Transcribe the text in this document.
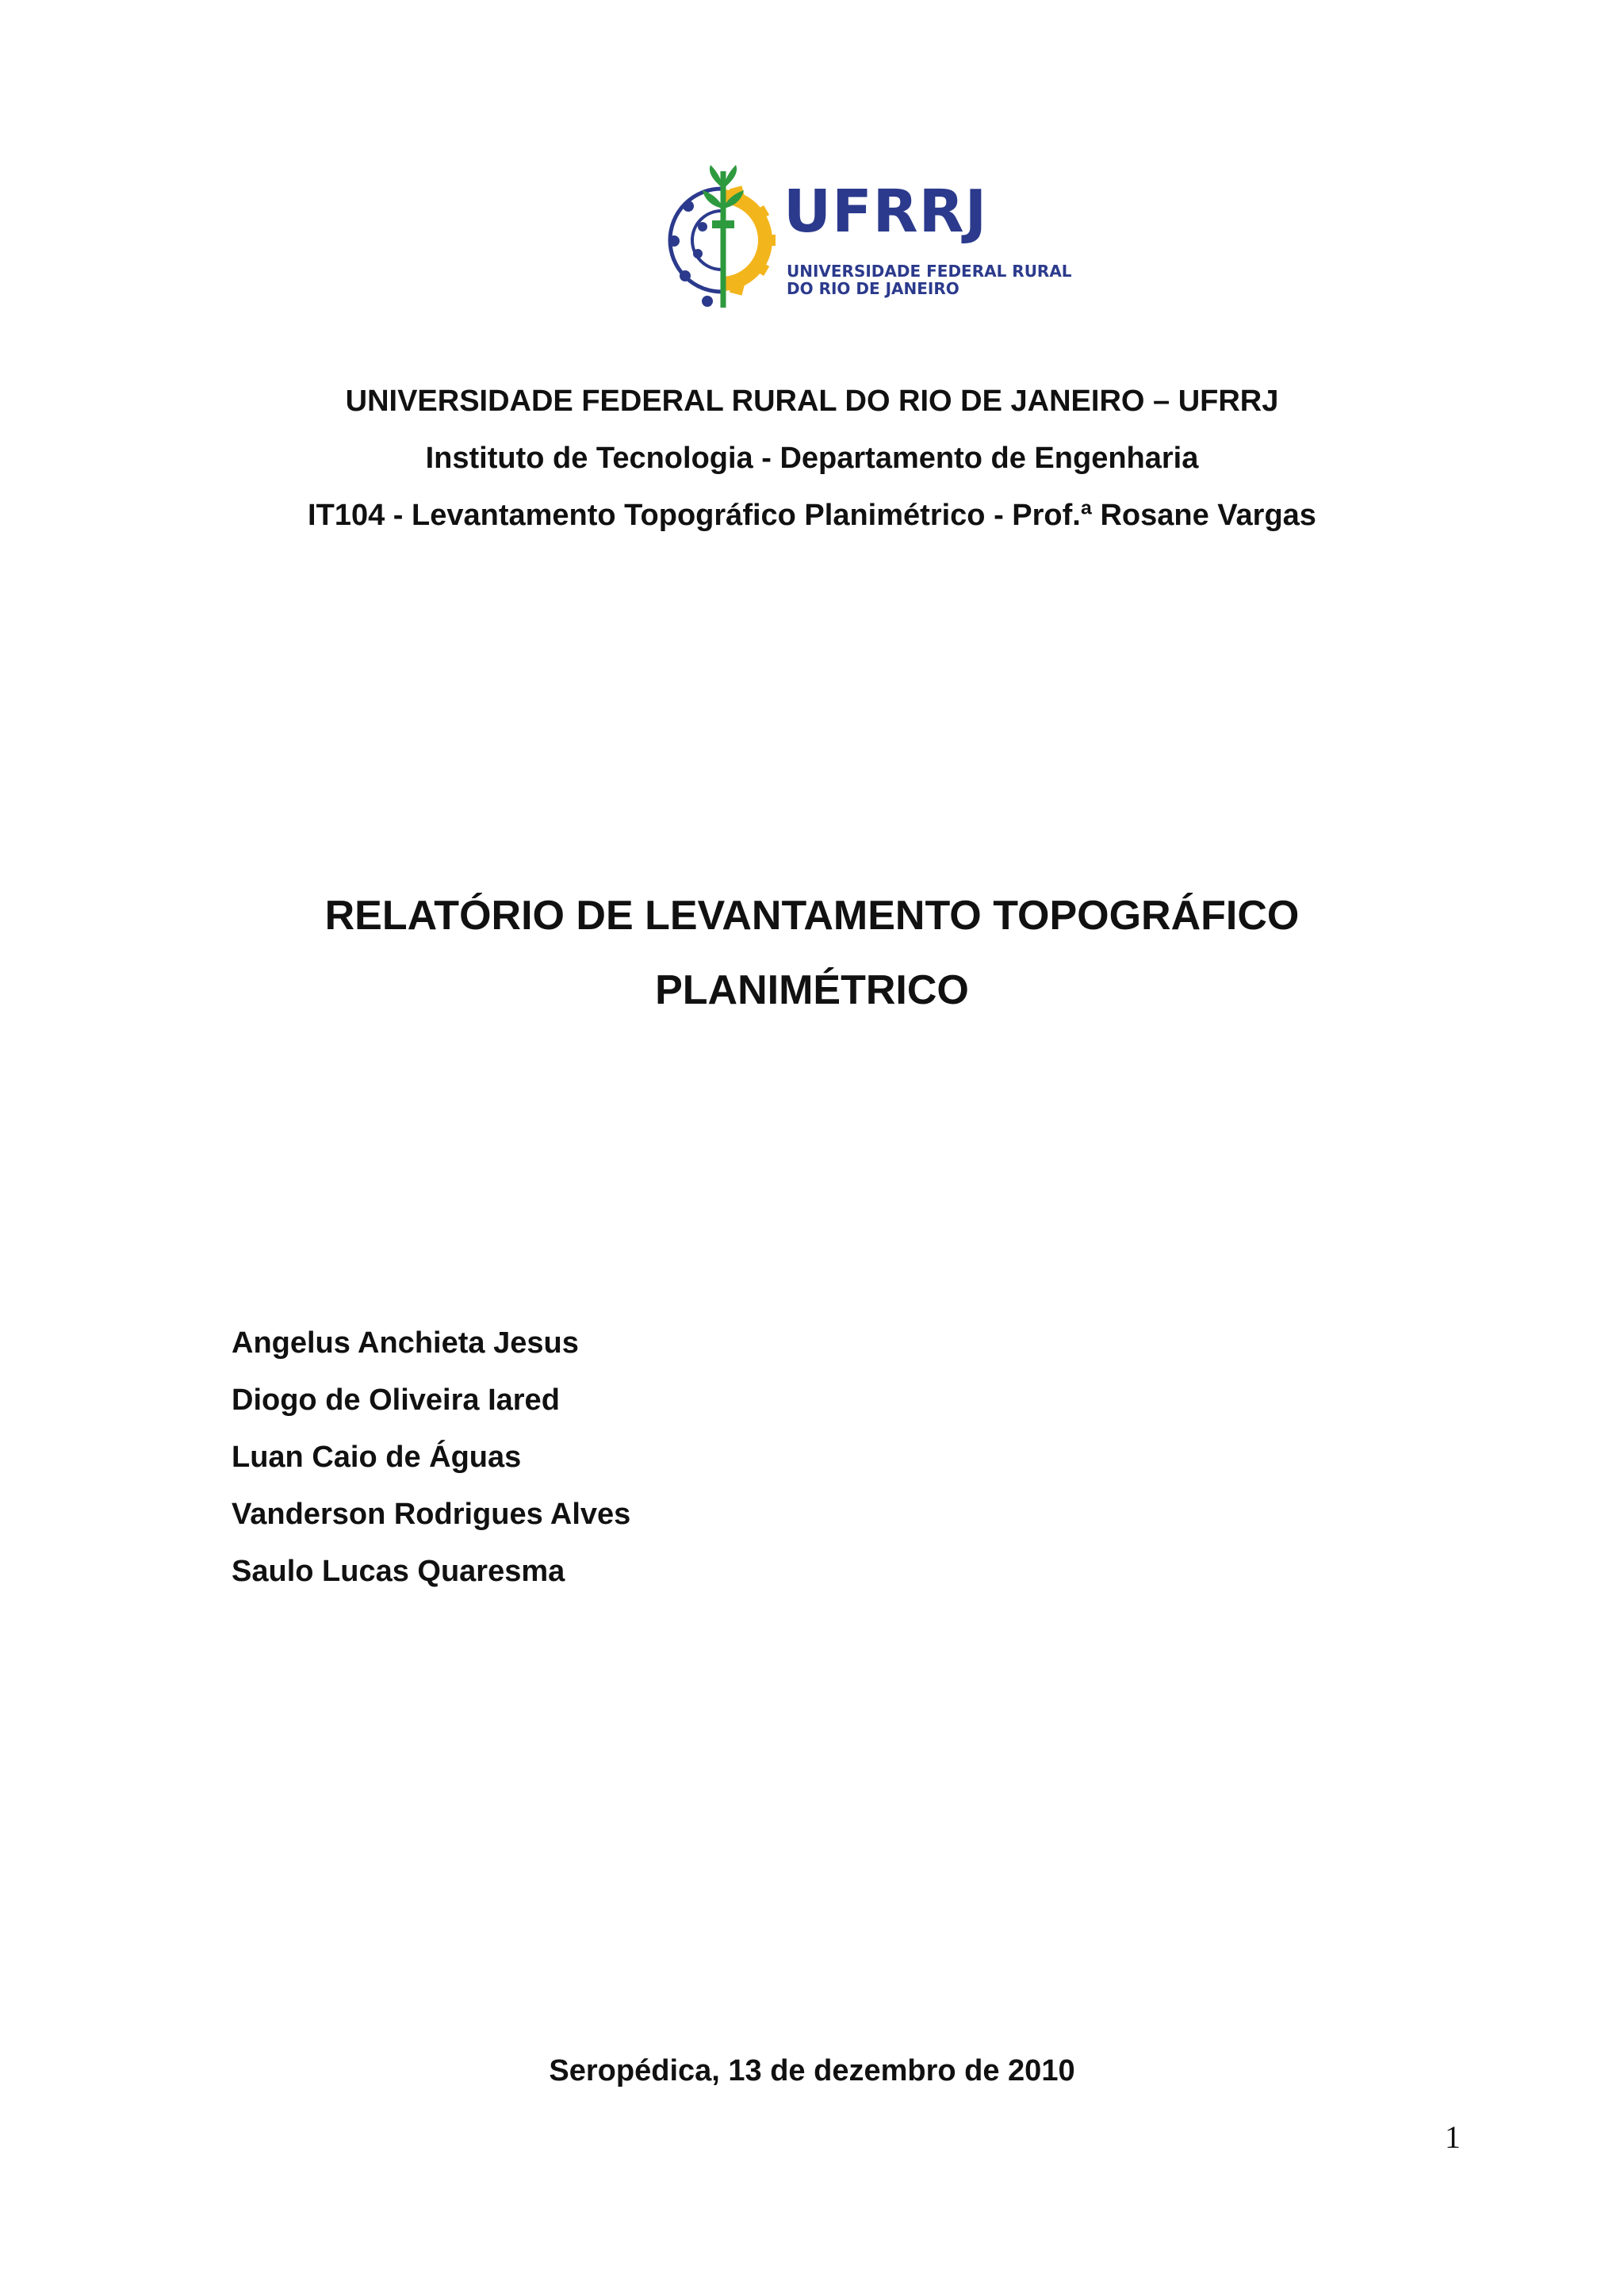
UFRRJ
UNIVERSIDADE FEDERAL RURAL
DO RIO DE JANEIRO
UNIVERSIDADE FEDERAL RURAL DO RIO DE JANEIRO – UFRRJ
Instituto de Tecnologia - Departamento de Engenharia
IT104 - Levantamento Topográfico Planimétrico - Prof.ª Rosane Vargas
RELATÓRIO DE LEVANTAMENTO TOPOGRÁFICO
PLANIMÉTRICO
Angelus Anchieta Jesus
Diogo de Oliveira Iared
Luan Caio de Águas
Vanderson Rodrigues Alves
Saulo Lucas Quaresma
Seropédica, 13 de dezembro de 2010
1
